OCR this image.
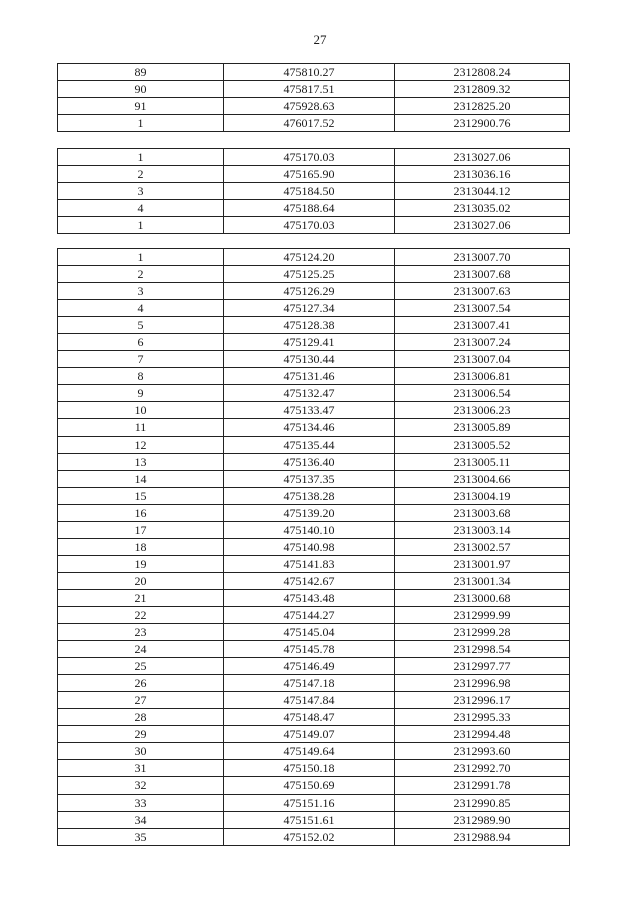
27
89	475810.27	2312808.24
90	475817.51	2312809.32
91	475928.63	2312825.20
1	476017.52	2312900.76
1	475170.03	2313027.06
2	475165.90	2313036.16
3	475184.50	2313044.12
4	475188.64	2313035.02
1	475170.03	2313027.06
1	475124.20	2313007.70
2	475125.25	2313007.68
3	475126.29	2313007.63
4	475127.34	2313007.54
5	475128.38	2313007.41
6	475129.41	2313007.24
7	475130.44	2313007.04
8	475131.46	2313006.81
9	475132.47	2313006.54
10	475133.47	2313006.23
11	475134.46	2313005.89
12	475135.44	2313005.52
13	475136.40	2313005.11
14	475137.35	2313004.66
15	475138.28	2313004.19
16	475139.20	2313003.68
17	475140.10	2313003.14
18	475140.98	2313002.57
19	475141.83	2313001.97
20	475142.67	2313001.34
21	475143.48	2313000.68
22	475144.27	2312999.99
23	475145.04	2312999.28
24	475145.78	2312998.54
25	475146.49	2312997.77
26	475147.18	2312996.98
27	475147.84	2312996.17
28	475148.47	2312995.33
29	475149.07	2312994.48
30	475149.64	2312993.60
31	475150.18	2312992.70
32	475150.69	2312991.78
33	475151.16	2312990.85
34	475151.61	2312989.90
35	475152.02	2312988.94
